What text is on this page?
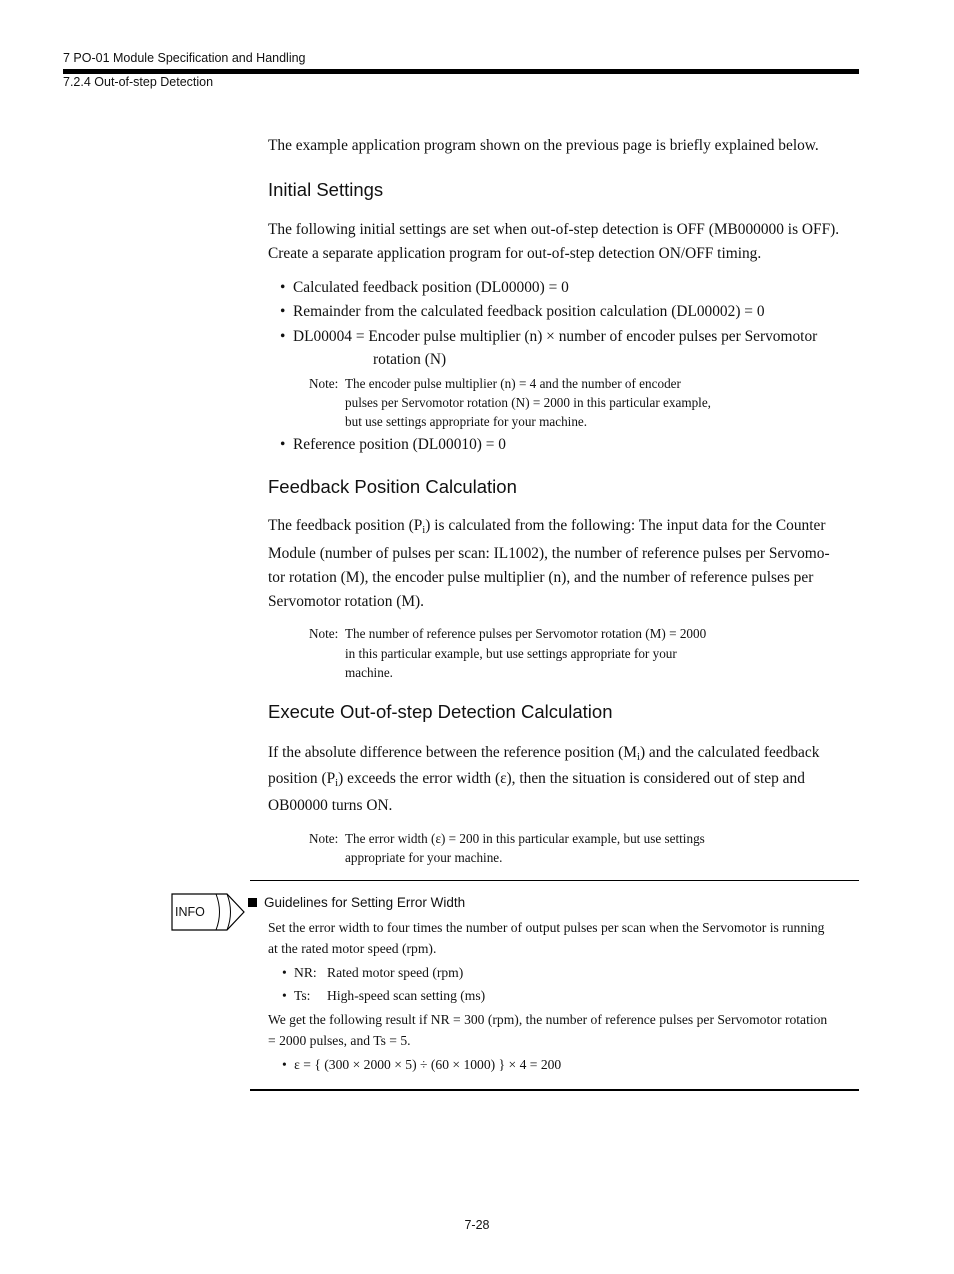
7 PO-01 Module Specification and Handling
7.2.4 Out-of-step Detection
The example application program shown on the previous page is briefly explained below.
Initial Settings
The following initial settings are set when out-of-step detection is OFF (MB000000 is OFF).
Create a separate application program for out-of-step detection ON/OFF timing.
• Calculated feedback position (DL00000) = 0
• Remainder from the calculated feedback position calculation (DL00002) = 0
• DL00004 = Encoder pulse multiplier (n) × number of encoder pulses per Servomotor
rotation (N)
Note: The encoder pulse multiplier (n) = 4 and the number of encoder
pulses per Servomotor rotation (N) = 2000 in this particular example,
but use settings appropriate for your machine.
• Reference position (DL00010) = 0
Feedback Position Calculation
The feedback position $(P_i)$ is calculated from the following: The input data for the Counter
Module (number of pulses per scan: IL1002), the number of reference pulses per Servomo-
tor rotation (M), the encoder pulse multiplier (n), and the number of reference pulses per
Servomotor rotation (M).
Note: The number of reference pulses per Servomotor rotation (M) = 2000
in this particular example, but use settings appropriate for your
machine.
Execute Out-of-step Detection Calculation
If the absolute difference between the reference position $(M_i)$ and the calculated feedback
position $(P_i)$ exceeds the error width (ε), then the situation is considered out of step and
OB00000 turns ON.
Note: The error width (ε) = 200 in this particular example, but use settings
appropriate for your machine.
INFO
Guidelines for Setting Error Width
Set the error width to four times the number of output pulses per scan when the Servomotor is running
at the rated motor speed (rpm).
• NR: Rated motor speed (rpm)
• Ts: High-speed scan setting (ms)
We get the following result if NR = 300 (rpm), the number of reference pulses per Servomotor rotation
= 2000 pulses, and Ts = 5.
• ε = { (300 × 2000 × 5) ÷ (60 × 1000) } × 4 = 200
7-28
